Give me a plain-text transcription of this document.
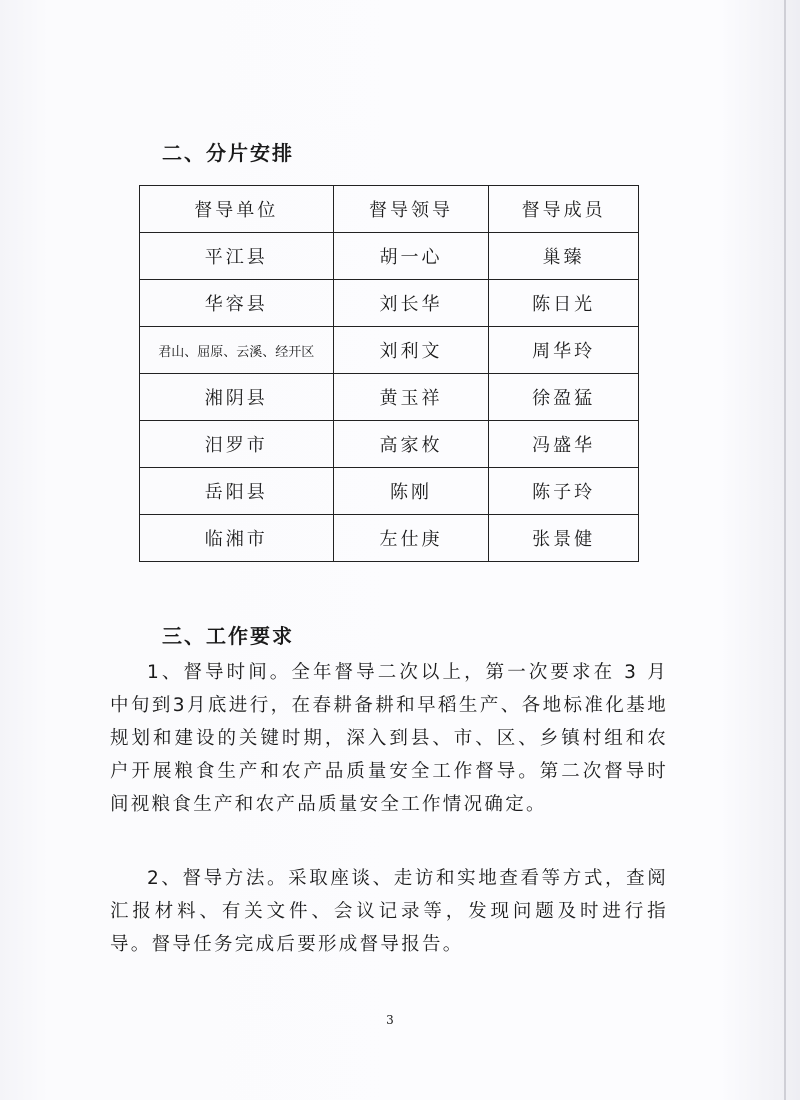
二、分片安排
督导单位	督导领导	督导成员
平江县	胡一心	巢臻
华容县	刘长华	陈日光
君山、屈原、云溪、经开区	刘利文	周华玲
湘阴县	黄玉祥	徐盈猛
汨罗市	高家枚	冯盛华
岳阳县	陈刚	陈子玲
临湘市	左仕庚	张景健
三、工作要求
1、督导时间。全年督导二次以上，第一次要求在 3 月中旬到3月底进行，在春耕备耕和早稻生产、各地标准化基地规划和建设的关键时期，深入到县、市、区、乡镇村组和农户开展粮食生产和农产品质量安全工作督导。第二次督导时间视粮食生产和农产品质量安全工作情况确定。
2、督导方法。采取座谈、走访和实地查看等方式，查阅汇报材料、有关文件、会议记录等，发现问题及时进行指导。督导任务完成后要形成督导报告。
3
